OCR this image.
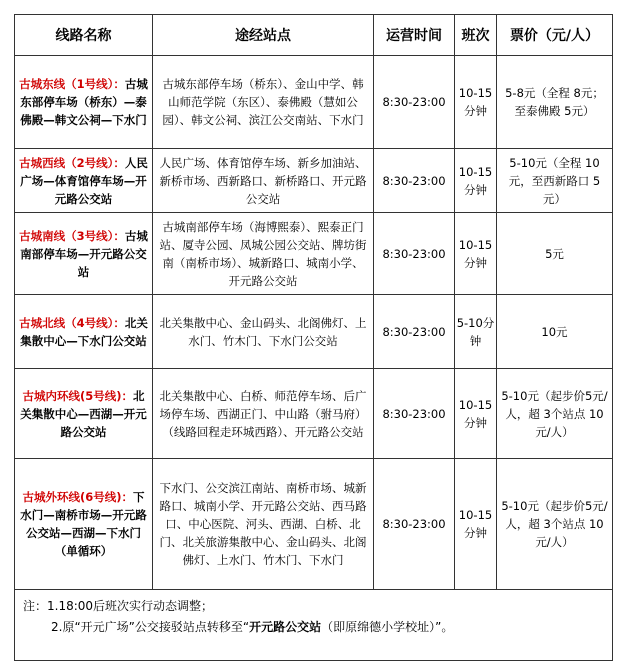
线路名称	途经站点	运营时间	班次	票价（元/人）
古城东线（1号线）：古城东部停车场（桥东）—泰佛殿—韩文公祠—下水门	古城东部停车场（桥东）、金山中学、韩山师范学院（东区）、泰佛殿（慧如公园）、韩文公祠、滨江公交南站、下水门	8:30-23:00	10-15分钟	5-8元（全程 8元；至泰佛殿 5元）
古城西线（2号线）：人民广场—体育馆停车场—开元路公交站	人民广场、体育馆停车场、新乡加油站、新桥市场、西新路口、新桥路口、开元路公交站	8:30-23:00	10-15分钟	5-10元（全程 10元，至西新路口 5元）
古城南线（3号线）：古城南部停车场—开元路公交站	古城南部停车场（海博熙泰）、熙泰正门站、厦寺公园、凤城公园公交站、牌坊街南（南桥市场）、城新路口、城南小学、开元路公交站	8:30-23:00	10-15分钟	5元
古城北线（4号线）：北关集散中心—下水门公交站	北关集散中心、金山码头、北阁佛灯、上水门、竹木门、下水门公交站	8:30-23:00	5-10分钟	10元
古城内环线(5号线)：北关集散中心—西湖—开元路公交站	北关集散中心、白桥、师范停车场、后广场停车场、西湖正门、中山路（驸马府）（线路回程走环城西路）、开元路公交站	8:30-23:00	10-15分钟	5-10元（起步价5元/人，超 3个站点 10元/人）
古城外环线(6号线)：下水门—南桥市场—开元路公交站—西湖—下水门（单循环）	下水门、公交滨江南站、南桥市场、城新路口、城南小学、开元路公交站、西马路口、中心医院、河头、西湖、白桥、北门、北关旅游集散中心、金山码头、北阁佛灯、上水门、竹木门、下水门	8:30-23:00	10-15分钟	5-10元（起步价5元/人，超 3个站点 10元/人）

注：1.18:00后班次实行动态调整；
2.原“开元广场”公交接驳站点转移至“开元路公交站（即原绵德小学校址）”。				
